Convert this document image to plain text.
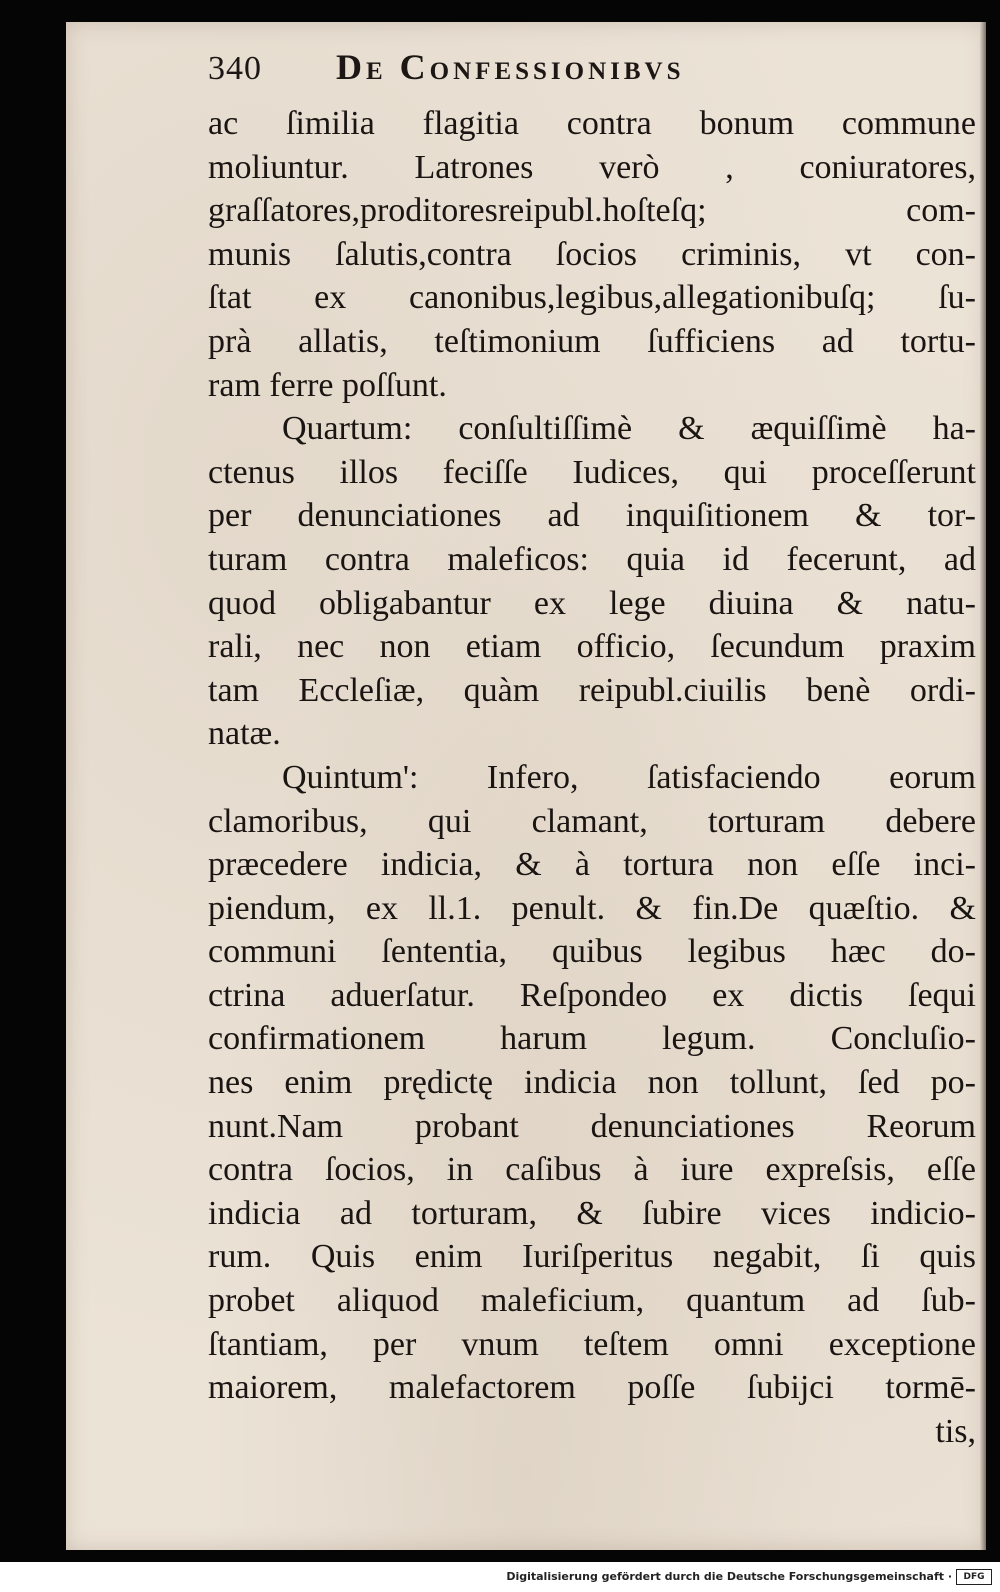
340 De Confessionibvs
ac ſimilia flagitia contra bonum commune
moliuntur. Latrones verò , coniuratores,
graſſatores,proditoresreipubl.hoſteſq; com-
munis ſalutis,contra ſocios criminis, vt con-
ſtat ex canonibus,legibus,allegationibuſq; ſu-
prà allatis, teſtimonium ſufficiens ad tortu-
ram ferre poſſunt.
Quartum: conſultiſſimè & æquiſſimè ha-
ctenus illos feciſſe Iudices, qui proceſſerunt
per denunciationes ad inquiſitionem & tor-
turam contra maleficos: quia id fecerunt, ad
quod obligabantur ex lege diuina & natu-
rali, nec non etiam officio, ſecundum praxim
tam Eccleſiæ, quàm reipubl.ciuilis benè ordi-
natæ.
Quintum': Infero, ſatisfaciendo eorum
clamoribus, qui clamant, torturam debere
præcedere indicia, & à tortura non eſſe inci-
piendum, ex ll.1. penult. & fin.De quæſtio. &
communi ſententia, quibus legibus hæc do-
ctrina aduerſatur. Reſpondeo ex dictis ſequi
confirmationem harum legum. Concluſio-
nes enim prędictę indicia non tollunt, ſed po-
nunt.Nam probant denunciationes Reorum
contra ſocios, in caſibus à iure expreſsis, eſſe
indicia ad torturam, & ſubire vices indicio-
rum. Quis enim Iuriſperitus negabit, ſi quis
probet aliquod maleficium, quantum ad ſub-
ſtantiam, per vnum teſtem omni exceptione
maiorem, malefactorem poſſe ſubijci tormē-
tis,
Digitalisierung gefördert durch die Deutsche Forschungsgemeinschaft ·	DFG
